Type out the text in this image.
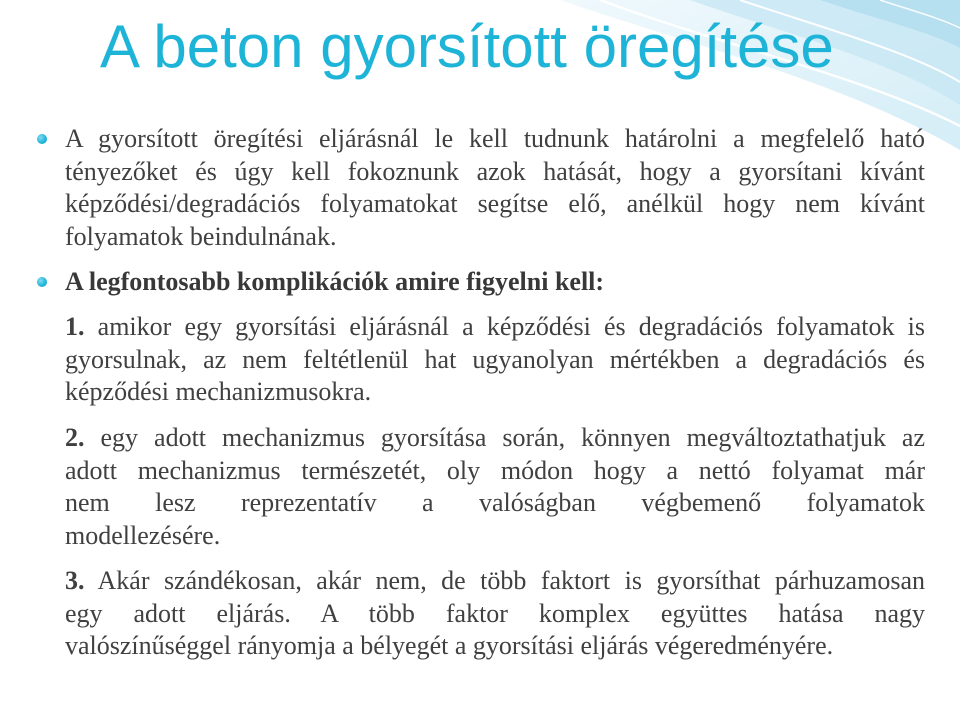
A beton gyorsított öregítése
A gyorsított öregítési eljárásnál le kell tudnunk határolni a megfelelő ható
tényezőket és úgy kell fokoznunk azok hatását, hogy a gyorsítani kívánt
képződési/degradációs folyamatokat segítse elő, anélkül hogy nem kívánt
folyamatok beindulnának.
A legfontosabb komplikációk amire figyelni kell:
1. amikor egy gyorsítási eljárásnál a képződési és degradációs folyamatok is
gyorsulnak, az nem feltétlenül hat ugyanolyan mértékben a degradációs és
képződési mechanizmusokra.
2. egy adott mechanizmus gyorsítása során, könnyen megváltoztathatjuk az
adott mechanizmus természetét, oly módon hogy a nettó folyamat már
nem lesz reprezentatív a valóságban végbemenő folyamatok
modellezésére.
3. Akár szándékosan, akár nem, de több faktort is gyorsíthat párhuzamosan
egy adott eljárás. A több faktor komplex együttes hatása nagy
valószínűséggel rányomja a bélyegét a gyorsítási eljárás végeredményére.
